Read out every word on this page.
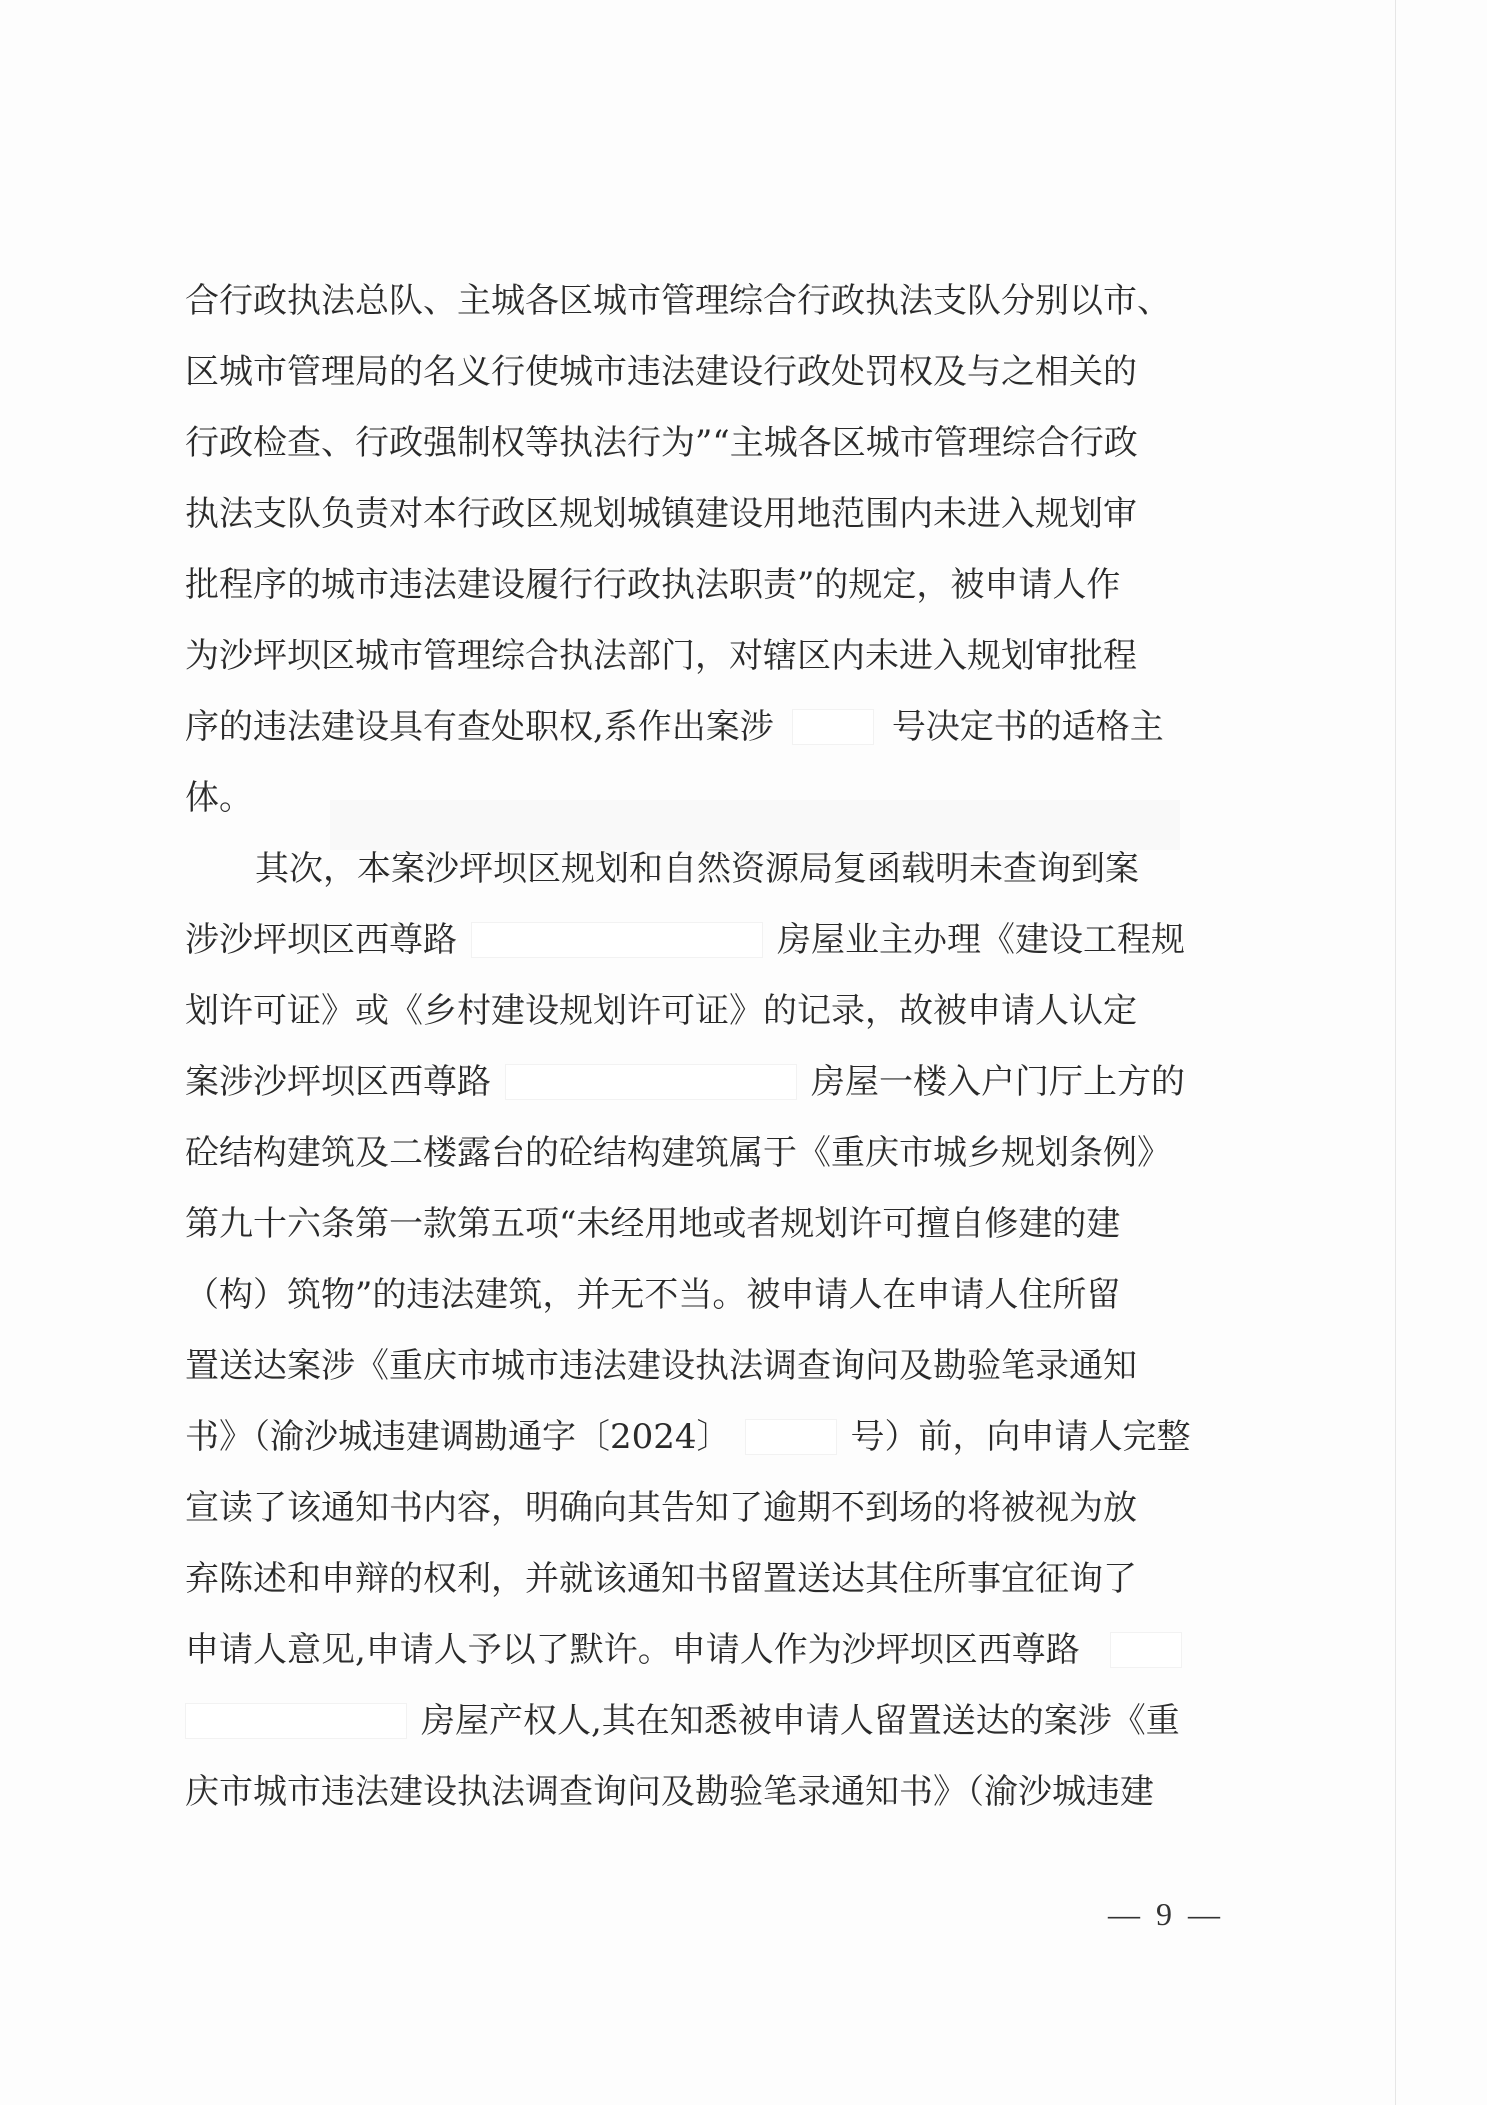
合行政执法总队、主城各区城市管理综合行政执法支队分别以市、
区城市管理局的名义行使城市违法建设行政处罚权及与之相关的
行政检查、行政强制权等执法行为”“主城各区城市管理综合行政
执法支队负责对本行政区规划城镇建设用地范围内未进入规划审
批程序的城市违法建设履行行政执法职责”的规定，被申请人作
为沙坪坝区城市管理综合执法部门，对辖区内未进入规划审批程
序的违法建设具有查处职权,系作出案涉	号决定书的适格主
体。
其次，本案沙坪坝区规划和自然资源局复函载明未查询到案
涉沙坪坝区西尊路	房屋业主办理《建设工程规
划许可证》或《乡村建设规划许可证》的记录，故被申请人认定
案涉沙坪坝区西尊路	房屋一楼入户门厅上方的
砼结构建筑及二楼露台的砼结构建筑属于《重庆市城乡规划条例》
第九十六条第一款第五项“未经用地或者规划许可擅自修建的建
（构）筑物”的违法建筑，并无不当。被申请人在申请人住所留
置送达案涉《重庆市城市违法建设执法调查询问及勘验笔录通知
书》（渝沙城违建调勘通字〔2024〕	号）前，向申请人完整
宣读了该通知书内容，明确向其告知了逾期不到场的将被视为放
弃陈述和申辩的权利，并就该通知书留置送达其住所事宜征询了
申请人意见,申请人予以了默许。申请人作为沙坪坝区西尊路
房屋产权人,其在知悉被申请人留置送达的案涉《重
庆市城市违法建设执法调查询问及勘验笔录通知书》（渝沙城违建
— 9 —
